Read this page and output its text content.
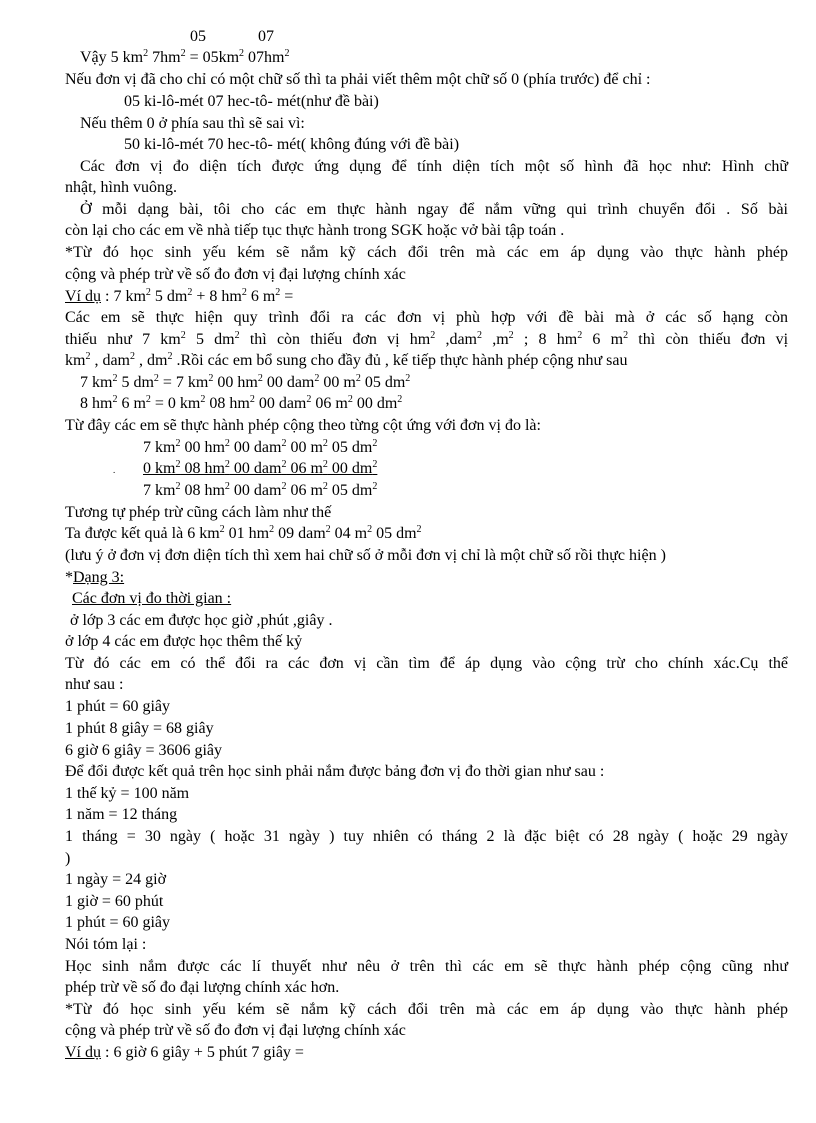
05	07
Vậy 5 $km^2$ $7hm^2 = 05km^2$ $07hm^2$
Nếu đơn vị đã cho chỉ có một chữ số thì ta phải viết thêm một chữ số 0 (phía trước) để chỉ :
05 ki-lô-mét 07 hec-tô- mét(như đề bài)
Nếu thêm 0 ở phía sau thì sẽ sai vì:
50 ki-lô-mét 70 hec-tô- mét( không đúng với đề bài)
Các đơn vị đo diện tích được ứng dụng để tính diện tích một số hình đã học như: Hình chữ
nhật, hình vuông.
Ở mỗi dạng bài, tôi cho các em thực hành ngay để nắm vững qui trình chuyển đổi . Số bài
còn lại cho các em về nhà tiếp tục thực hành trong SGK hoặc vở bài tập toán .
*Từ đó học sinh yếu kém sẽ nắm kỹ cách đổi trên mà các em áp dụng vào thực hành phép
cộng và phép trừ về số đo đơn vị đại lượng chính xác
Ví dụ : 7 $km^2$ 5 $dm^2 + 8$ $hm^2$ 6 $m^2$ =
Các em sẽ thực hiện quy trình đổi ra các đơn vị phù hợp với đề bài mà ở các số hạng còn
thiếu như 7 $km^2$ 5 $dm^2$ thì còn thiếu đơn vị $hm^2$ ,dam$^2$ $,m^2$ ; 8 $hm^2$ 6 $m^2$ thì còn thiếu đơn vị
$km^2$ , dam$^2$ , $dm^2$ .Rồi các em bổ sung cho đầy đủ , kế tiếp thực hành phép cộng như sau
7 $km^2$ 5 $dm^2 = 7$ $km^2$ 00 $hm^2$ 00 dam$^2$ 00 $m^2$ 05 $dm^2$
8 $hm^2$ 6 $m^2 = 0$ $km^2$ 08 $hm^2$ 00 dam$^2$ 06 $m^2$ 00 $dm^2$
Từ đây các em sẽ thực hành phép cộng theo từng cột ứng với đơn vị đo là:
7 $km^2$ 00 $hm^2$ 00 dam$^2$ 00 $m^2$ 05 $dm^2$
. 0 $km^2$ 08 $hm^2$ 00 dam$^2$ 06 $m^2$ 00 $dm^2$
7 $km^2$ 08 $hm^2$ 00 dam$^2$ 06 $m^2$ 05 $dm^2$
Tương tự phép trừ cũng cách làm như thế
Ta được kết quả là 6 $km^2$ 01 $hm^2$ 09 dam$^2$ 04 $m^2$ 05 $dm^2$
(lưu ý ở đơn vị đơn diện tích thì xem hai chữ số ở mỗi đơn vị chỉ là một chữ số rồi thực hiện )
*Dạng 3:
Các đơn vị đo thời gian :
ở lớp 3 các em được học giờ ,phút ,giây .
ở lớp 4 các em được học thêm thế kỷ
Từ đó các em có thể đổi ra các đơn vị cần tìm để áp dụng vào cộng trừ cho chính xác.Cụ thể
như sau :
1 phút = 60 giây
1 phút 8 giây = 68 giây
6 giờ 6 giây = 3606 giây
Để đổi được kết quả trên học sinh phải nắm được bảng đơn vị đo thời gian như sau :
1 thế kỷ = 100 năm
1 năm = 12 tháng
1 tháng = 30 ngày ( hoặc 31 ngày ) tuy nhiên có tháng 2 là đặc biệt có 28 ngày ( hoặc 29 ngày
)
1 ngày = 24 giờ
1 giờ = 60 phút
1 phút = 60 giây
Nói tóm lại :
Học sinh nắm được các lí thuyết như nêu ở trên thì các em sẽ thực hành phép cộng cũng như
phép trừ về số đo đại lượng chính xác hơn.
*Từ đó học sinh yếu kém sẽ nắm kỹ cách đổi trên mà các em áp dụng vào thực hành phép
cộng và phép trừ về số đo đơn vị đại lượng chính xác
Ví dụ : 6 giờ 6 giây + 5 phút 7 giây =
